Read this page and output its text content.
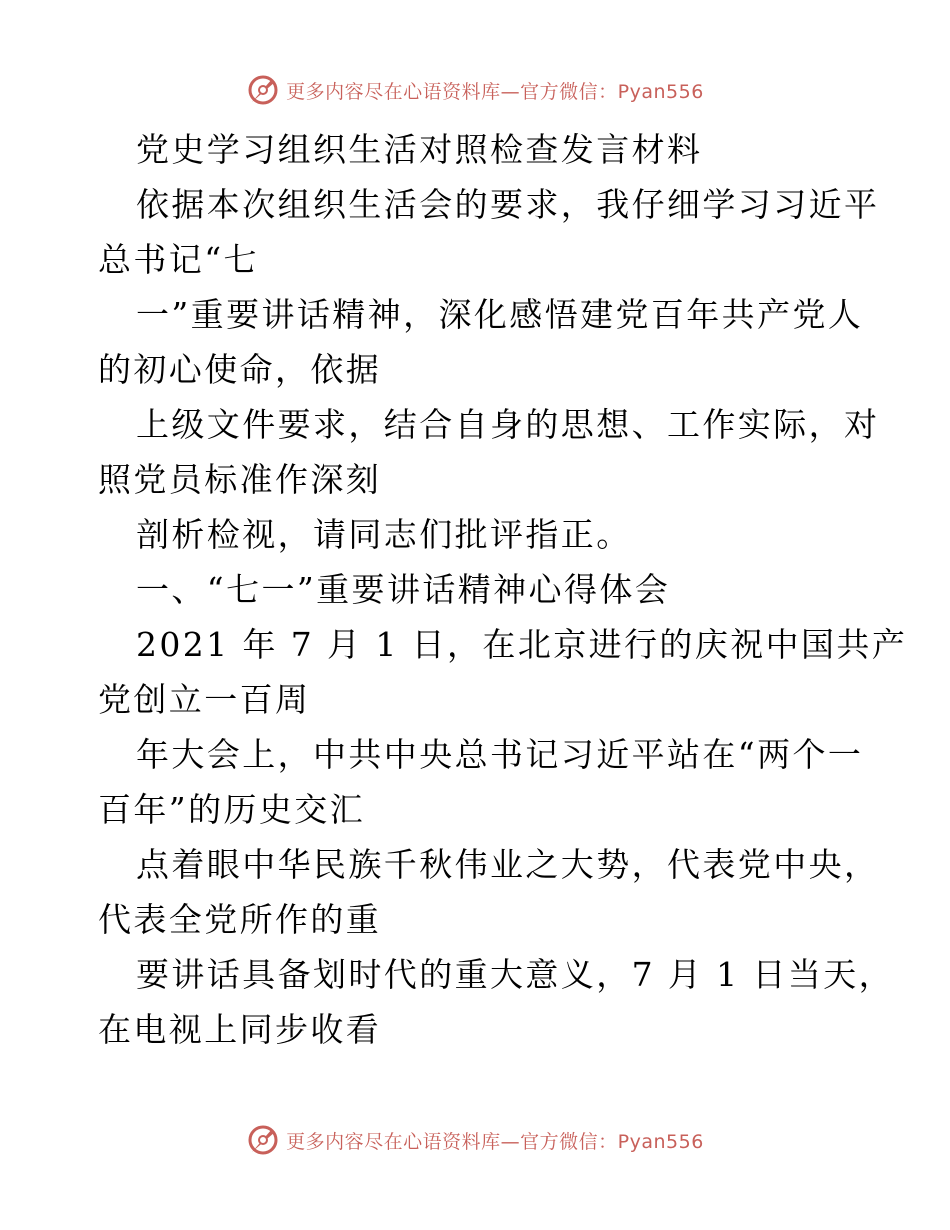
更多内容尽在心语资料库—官方微信：Pyan556
党史学习组织生活对照检查发言材料
依据本次组织生活会的要求，我仔细学习习近平
总书记“七
一”重要讲话精神，深化感悟建党百年共产党人
的初心使命，依据
上级文件要求，结合自身的思想、工作实际，对
照党员标准作深刻
剖析检视，请同志们批评指正。
一、“七一”重要讲话精神心得体会
2021 年 7 月 1 日，在北京进行的庆祝中国共产
党创立一百周
年大会上，中共中央总书记习近平站在“两个一
百年”的历史交汇
点着眼中华民族千秋伟业之大势，代表党中央，
代表全党所作的重
要讲话具备划时代的重大意义，7 月 1 日当天，
在电视上同步收看
更多内容尽在心语资料库—官方微信：Pyan556
